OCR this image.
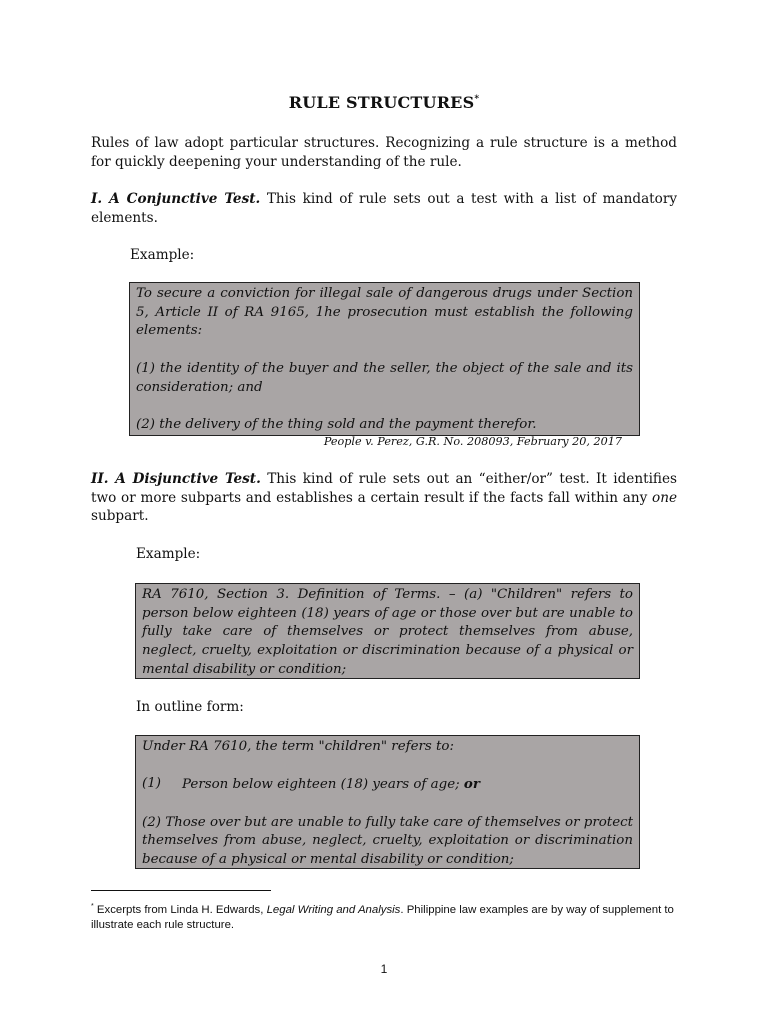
RULE STRUCTURES*
Rules of law adopt particular structures. Recognizing a rule structure is a method for quickly deepening your understanding of the rule.
I. A Conjunctive Test. This kind of rule sets out a test with a list of mandatory elements.
Example:

To secure a conviction for illegal sale of dangerous drugs under Section 5, Article II of RA 9165, 1he prosecution must establish the following elements:

(1) the identity of the buyer and the seller, the object of the sale and its consideration; and

(2) the delivery of the thing sold and the payment therefor.

People v. Perez, G.R. No. 208093, February 20, 2017
II. A Disjunctive Test. This kind of rule sets out an “either/or” test. It identifies two or more subparts and establishes a certain result if the facts fall within any one subpart.
Example:

RA 7610, Section 3. Definition of Terms. – (a) "Children" refers to person below eighteen (18) years of age or those over but are unable to fully take care of themselves or protect themselves from abuse, neglect, cruelty, exploitation or discrimination because of a physical or mental disability or condition;

In outline form:

Under RA 7610, the term "children" refers to:

(1)	Person below eighteen (18) years of age; or

(2) Those over but are unable to fully take care of themselves or protect themselves from abuse, neglect, cruelty, exploitation or discrimination because of a physical or mental disability or condition;

* Excerpts from Linda H. Edwards, Legal Writing and Analysis. Philippine law examples are by way of supplement to illustrate each rule structure.
1
